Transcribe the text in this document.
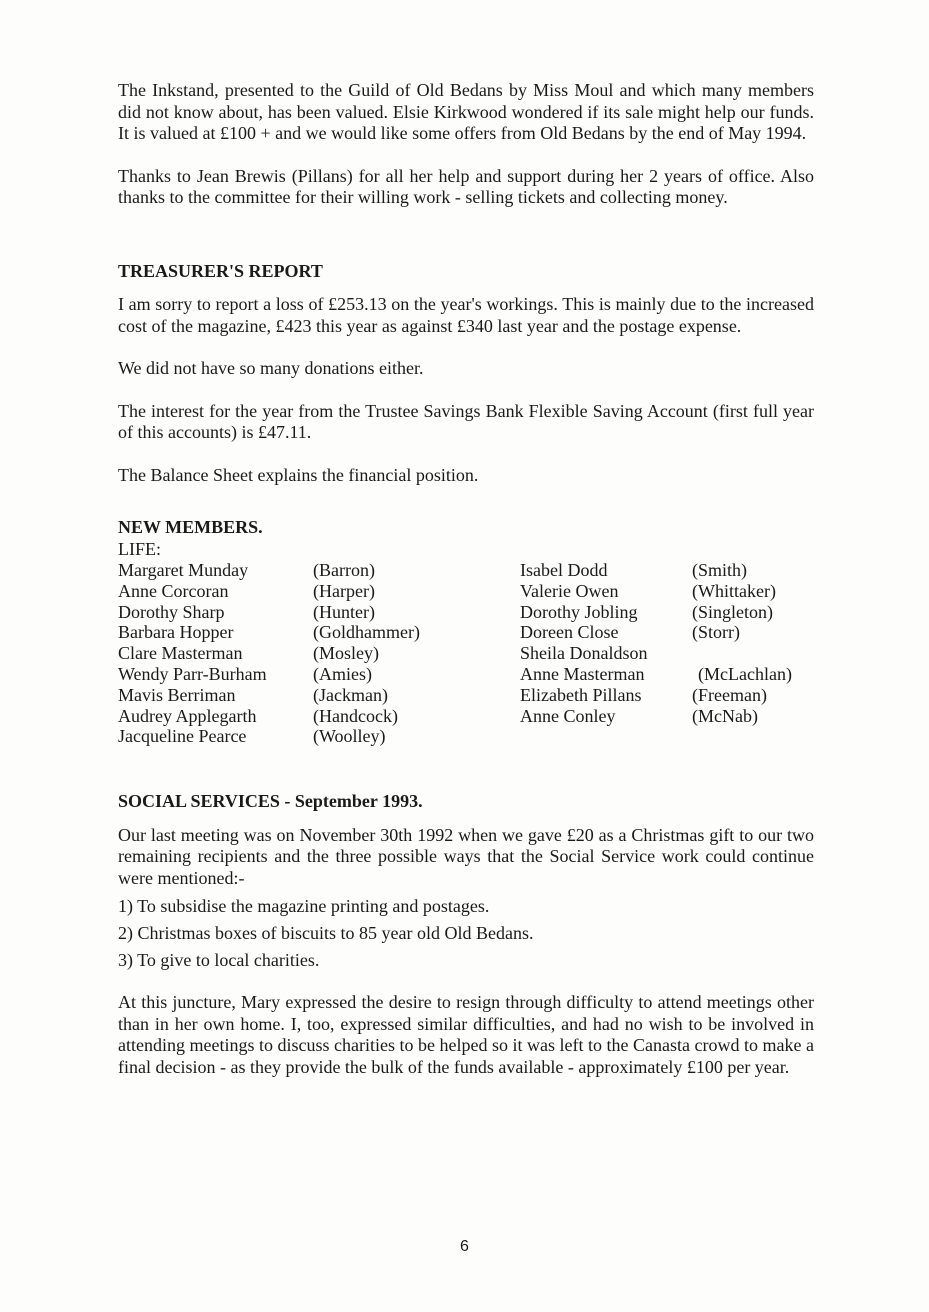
The Inkstand, presented to the Guild of Old Bedans by Miss Moul and which many members did not know about, has been valued. Elsie Kirkwood wondered if its sale might help our funds. It is valued at £100 + and we would like some offers from Old Bedans by the end of May 1994.

Thanks to Jean Brewis (Pillans) for all her help and support during her 2 years of office. Also thanks to the committee for their willing work - selling tickets and collecting money.

TREASURER'S REPORT

I am sorry to report a loss of £253.13 on the year's workings. This is mainly due to the increased cost of the magazine, £423 this year as against £340 last year and the postage expense.

We did not have so many donations either.

The interest for the year from the Trustee Savings Bank Flexible Saving Account (first full year of this accounts) is £47.11.

The Balance Sheet explains the financial position.

NEW MEMBERS.

LIFE:

Margaret Munday
Anne Corcoran
Dorothy Sharp
Barbara Hopper
Clare Masterman
Wendy Parr-Burham
Mavis Berriman
Audrey Applegarth
Jacqueline Pearce
(Barron)
(Harper)
(Hunter)
(Goldhammer)
(Mosley)
(Amies)
(Jackman)
(Handcock)
(Woolley)
Isabel Dodd
Valerie Owen
Dorothy Jobling
Doreen Close
Sheila Donaldson
Anne Masterman
Elizabeth Pillans
Anne Conley
(Smith)
(Whittaker)
(Singleton)
(Storr)
(McLachlan)
(Freeman)
(McNab)

SOCIAL SERVICES - September 1993.

Our last meeting was on November 30th 1992 when we gave £20 as a Christmas gift to our two remaining recipients and the three possible ways that the Social Service work could continue were mentioned:-

1) To subsidise the magazine printing and postages.

2) Christmas boxes of biscuits to 85 year old Old Bedans.

3) To give to local charities.

At this juncture, Mary expressed the desire to resign through difficulty to attend meetings other than in her own home. I, too, expressed similar difficulties, and had no wish to be involved in attending meetings to discuss charities to be helped so it was left to the Canasta crowd to make a final decision - as they provide the bulk of the funds available - approximately £100 per year.

6
